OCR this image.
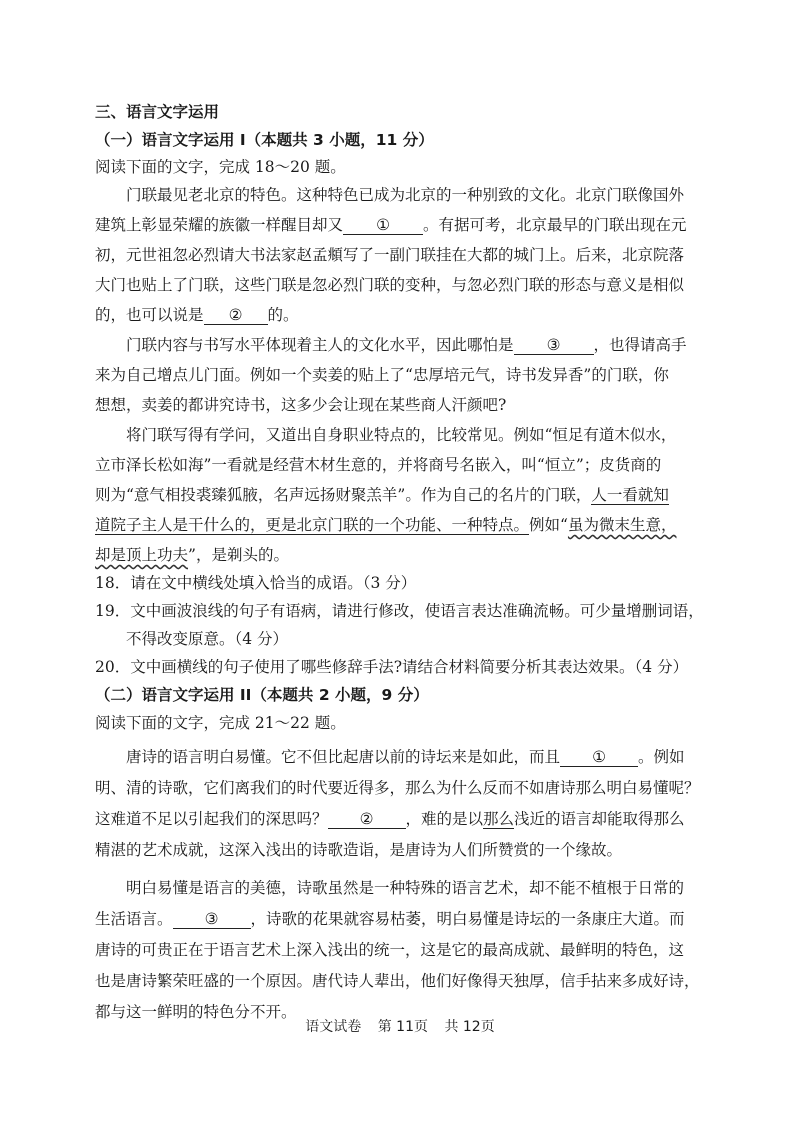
三、语言文字运用
（一）语言文字运用 I（本题共 3 小题，11 分）
阅读下面的文字，完成 18～20 题。
门联最见老北京的特色。这种特色已成为北京的一种别致的文化。北京门联像国外
建筑上彰显荣耀的族徽一样醒目却又 ① 。有据可考，北京最早的门联出现在元
初，元世祖忽必烈请大书法家赵孟頫写了一副门联挂在大都的城门上。后来，北京院落
大门也贴上了门联，这些门联是忽必烈门联的变种，与忽必烈门联的形态与意义是相似
的，也可以说是 ② 的。
门联内容与书写水平体现着主人的文化水平，因此哪怕是 ③ ，也得请高手
来为自己增点儿门面。例如一个卖姜的贴上了“忠厚培元气，诗书发异香”的门联，你
想想，卖姜的都讲究诗书，这多少会让现在某些商人汗颜吧?
将门联写得有学问，又道出自身职业特点的，比较常见。例如“恒足有道木似水，
立市泽长松如海”一看就是经营木材生意的，并将商号名嵌入，叫“恒立”；皮货商的
则为“意气相投裘臻狐腋，名声远扬财聚羔羊”。作为自己的名片的门联，人一看就知
道院子主人是干什么的，更是北京门联的一个功能、一种特点。例如“虽为微末生意，
却是顶上功夫”，是剃头的。
18．请在文中横线处填入恰当的成语。（3 分）
19．文中画波浪线的句子有语病，请进行修改，使语言表达准确流畅。可少量增删词语，
不得改变原意。（4 分）
20．文中画横线的句子使用了哪些修辞手法?请结合材料简要分析其表达效果。（4 分）
（二）语言文字运用 II（本题共 2 小题，9 分）
阅读下面的文字，完成 21～22 题。
唐诗的语言明白易懂。它不但比起唐以前的诗坛来是如此，而且 ① 。例如
明、清的诗歌，它们离我们的时代要近得多，那么为什么反而不如唐诗那么明白易懂呢？
这难道不足以引起我们的深思吗？ ② ，难的是以那么浅近的语言却能取得那么
精湛的艺术成就，这深入浅出的诗歌造诣，是唐诗为人们所赞赏的一个缘故。
明白易懂是语言的美德，诗歌虽然是一种特殊的语言艺术，却不能不植根于日常的
生活语言。 ③ ，诗歌的花果就容易枯萎，明白易懂是诗坛的一条康庄大道。而
唐诗的可贵正在于语言艺术上深入浅出的统一，这是它的最高成就、最鲜明的特色，这
也是唐诗繁荣旺盛的一个原因。唐代诗人辈出，他们好像得天独厚，信手拈来多成好诗，
都与这一鲜明的特色分不开。
语文试卷 第 11页 共 12页
